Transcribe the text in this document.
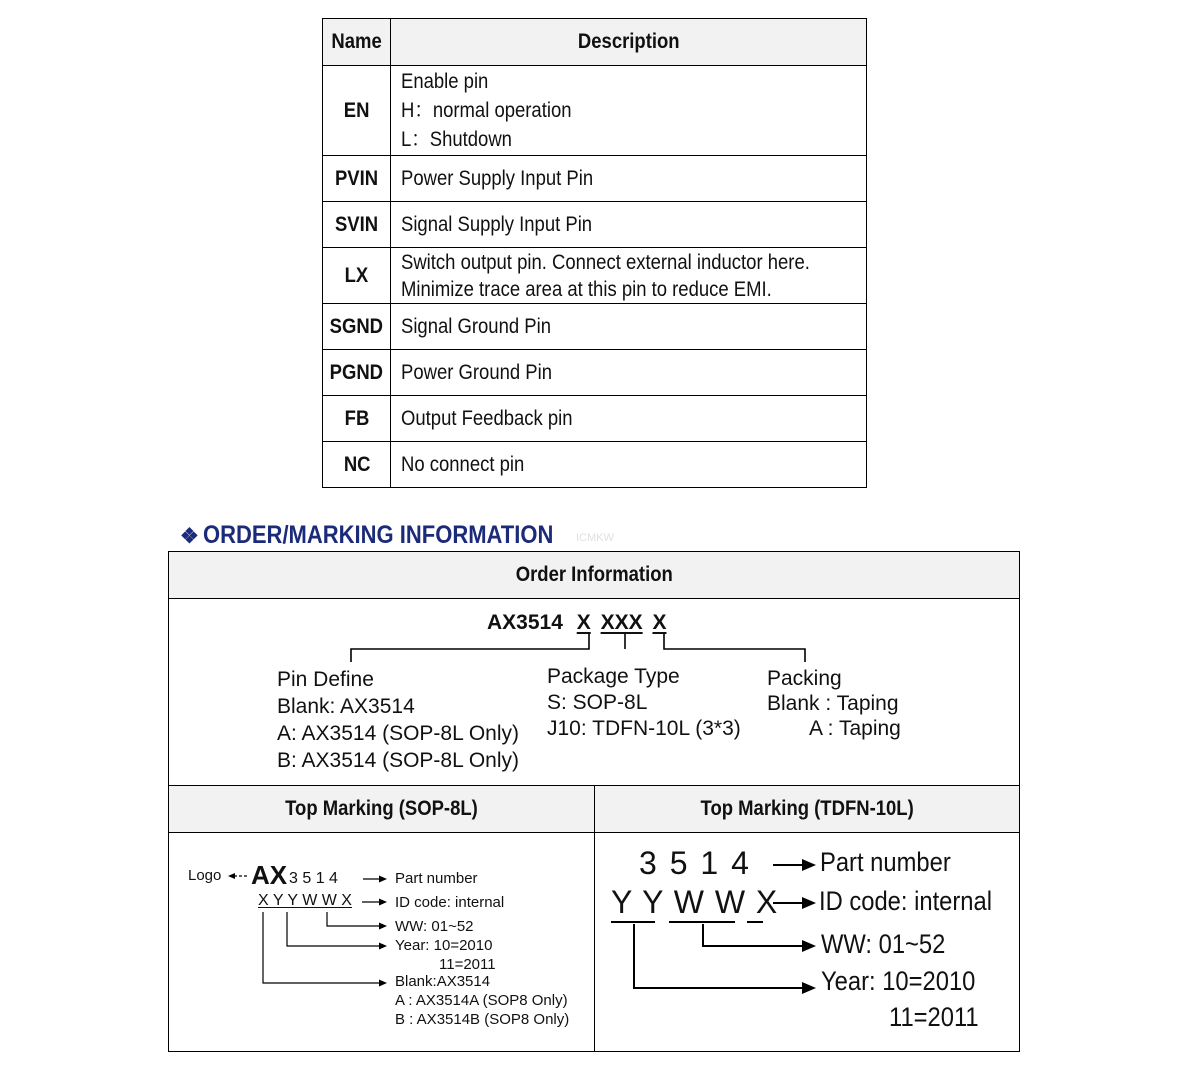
Name	Description
EN	Enable pin
H：normal operation
L：Shutdown
PVIN	Power Supply Input Pin
SVIN	Signal Supply Input Pin
LX	Switch output pin. Connect external inductor here.
Minimize trace area at this pin to reduce EMI.
SGND	Signal Ground Pin
PGND	Power Ground Pin
FB	Output Feedback pin
NC	No connect pin
❖ ORDER/MARKING INFORMATION	ICMKW
Order Information
AX3514 X XXX X
Pin Define
Blank: AX3514
A: AX3514 (SOP-8L Only)
B: AX3514 (SOP-8L Only)
Package Type
S: SOP-8L
J10: TDFN-10L (3*3)
Packing
Blank : Taping
A : Taping
Top Marking (SOP-8L)	Top Marking (TDFN-10L)
Logo AX 3 5 1 4
X Y Y W W X
Part number
ID code: internal
WW: 01~52
Year: 10=2010
11=2011
Blank:AX3514
A : AX3514A (SOP8 Only)
B : AX3514B (SOP8 Only)
3 5 1 4
Y Y W W X
Part number
ID code: internal
WW: 01~52
Year: 10=2010
11=2011
